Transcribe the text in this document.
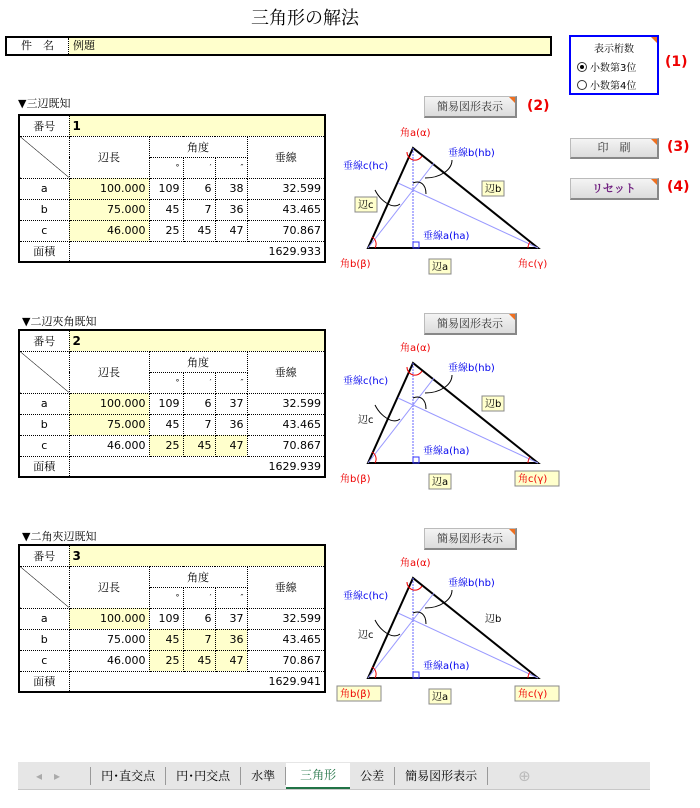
三角形の解法
件　名	例題	表示桁数
小数第3位
小数第4位
(1)
(2)
(3)
(4)
印　刷
リセット
▼三辺既知	簡易図形表示
番号	1				
	辺長	角度			垂線
		°	′	″	
a	100.000	109	6	38	32.599
b	75.000	45	7	36	43.465
c	46.000	25	45	47	70.867
面積	1629.933				
角a(α)
垂線b(hb)
垂線c(hc)
辺c
辺b
垂線a(ha)
角b(β)	辺a	角c(γ)
▼二辺夾角既知	簡易図形表示
番号	2				
	辺長	角度			垂線
		°	′	″	
a	100.000	109	6	37	32.599
b	75.000	45	7	36	43.465
c	46.000	25	45	47	70.867
面積	1629.939				
角a(α)
垂線b(hb)
垂線c(hc)
辺c
辺b
垂線a(ha)
角b(β)	辺a	角c(γ)
▼二角夾辺既知	簡易図形表示
番号	3				
	辺長	角度			垂線
		°	′	″	
a	100.000	109	6	37	32.599
b	75.000	45	7	36	43.465
c	46.000	25	45	47	70.867
面積	1629.941				
角a(α)
垂線b(hb)
垂線c(hc)
辺c
辺b
垂線a(ha)
角b(β)	辺a	角c(γ)
◂	▸	円･直交点	円･円交点	水準	三角形	公差	簡易図形表示	⊕
